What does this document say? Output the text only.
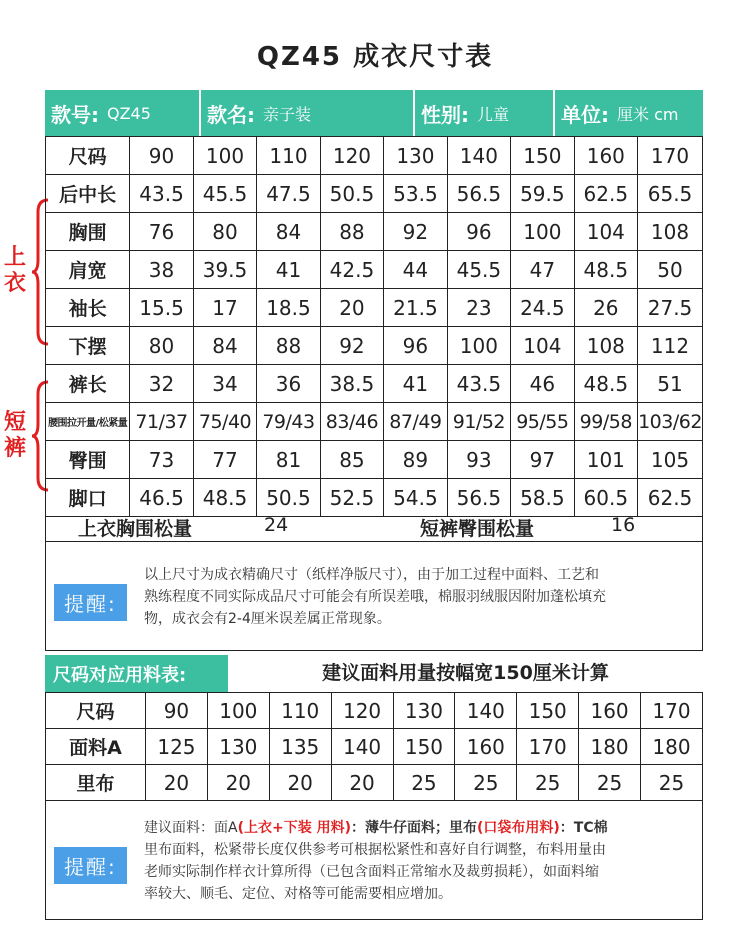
QZ45 成衣尺寸表
款号: QZ45	款名: 亲子装	性别: 儿童	单位: 厘米 cm
上衣
短裤
尺码	90	100	110	120	130	140	150	160	170
后中长	43.5	45.5	47.5	50.5	53.5	56.5	59.5	62.5	65.5
胸围	76	80	84	88	92	96	100	104	108
肩宽	38	39.5	41	42.5	44	45.5	47	48.5	50
袖长	15.5	17	18.5	20	21.5	23	24.5	26	27.5
下摆	80	84	88	92	96	100	104	108	112
裤长	32	34	36	38.5	41	43.5	46	48.5	51
腰围拉开量/松紧量	71/37	75/40	79/43	83/46	87/49	91/52	95/55	99/58	103/62
臀围	73	77	81	85	89	93	97	101	105
脚口	46.5	48.5	50.5	52.5	54.5	56.5	58.5	60.5	62.5
上衣胸围松量	24	短裤臀围松量	16
提醒:
以上尺寸为成衣精确尺寸（纸样净版尺寸），由于加工过程中面料、工艺和
熟练程度不同实际成品尺寸可能会有所误差哦，棉服羽绒服因附加蓬松填充
物，成衣会有2-4厘米误差属正常现象。
尺码对应用料表:	建议面料用量按幅宽150厘米计算
尺码	90	100	110	120	130	140	150	160	170
面料A	125	130	135	140	150	160	170	180	180
里布	20	20	20	20	25	25	25	25	25
提醒:
建议面料：面A(上衣+下装 用料)：薄牛仔面料；里布(口袋布用料)：TC棉
里布面料，松紧带长度仅供参考可根据松紧性和喜好自行调整，布料用量由
老师实际制作样衣计算所得（已包含面料正常缩水及裁剪损耗），如面料缩
率较大、顺毛、定位、对格等可能需要相应增加。
